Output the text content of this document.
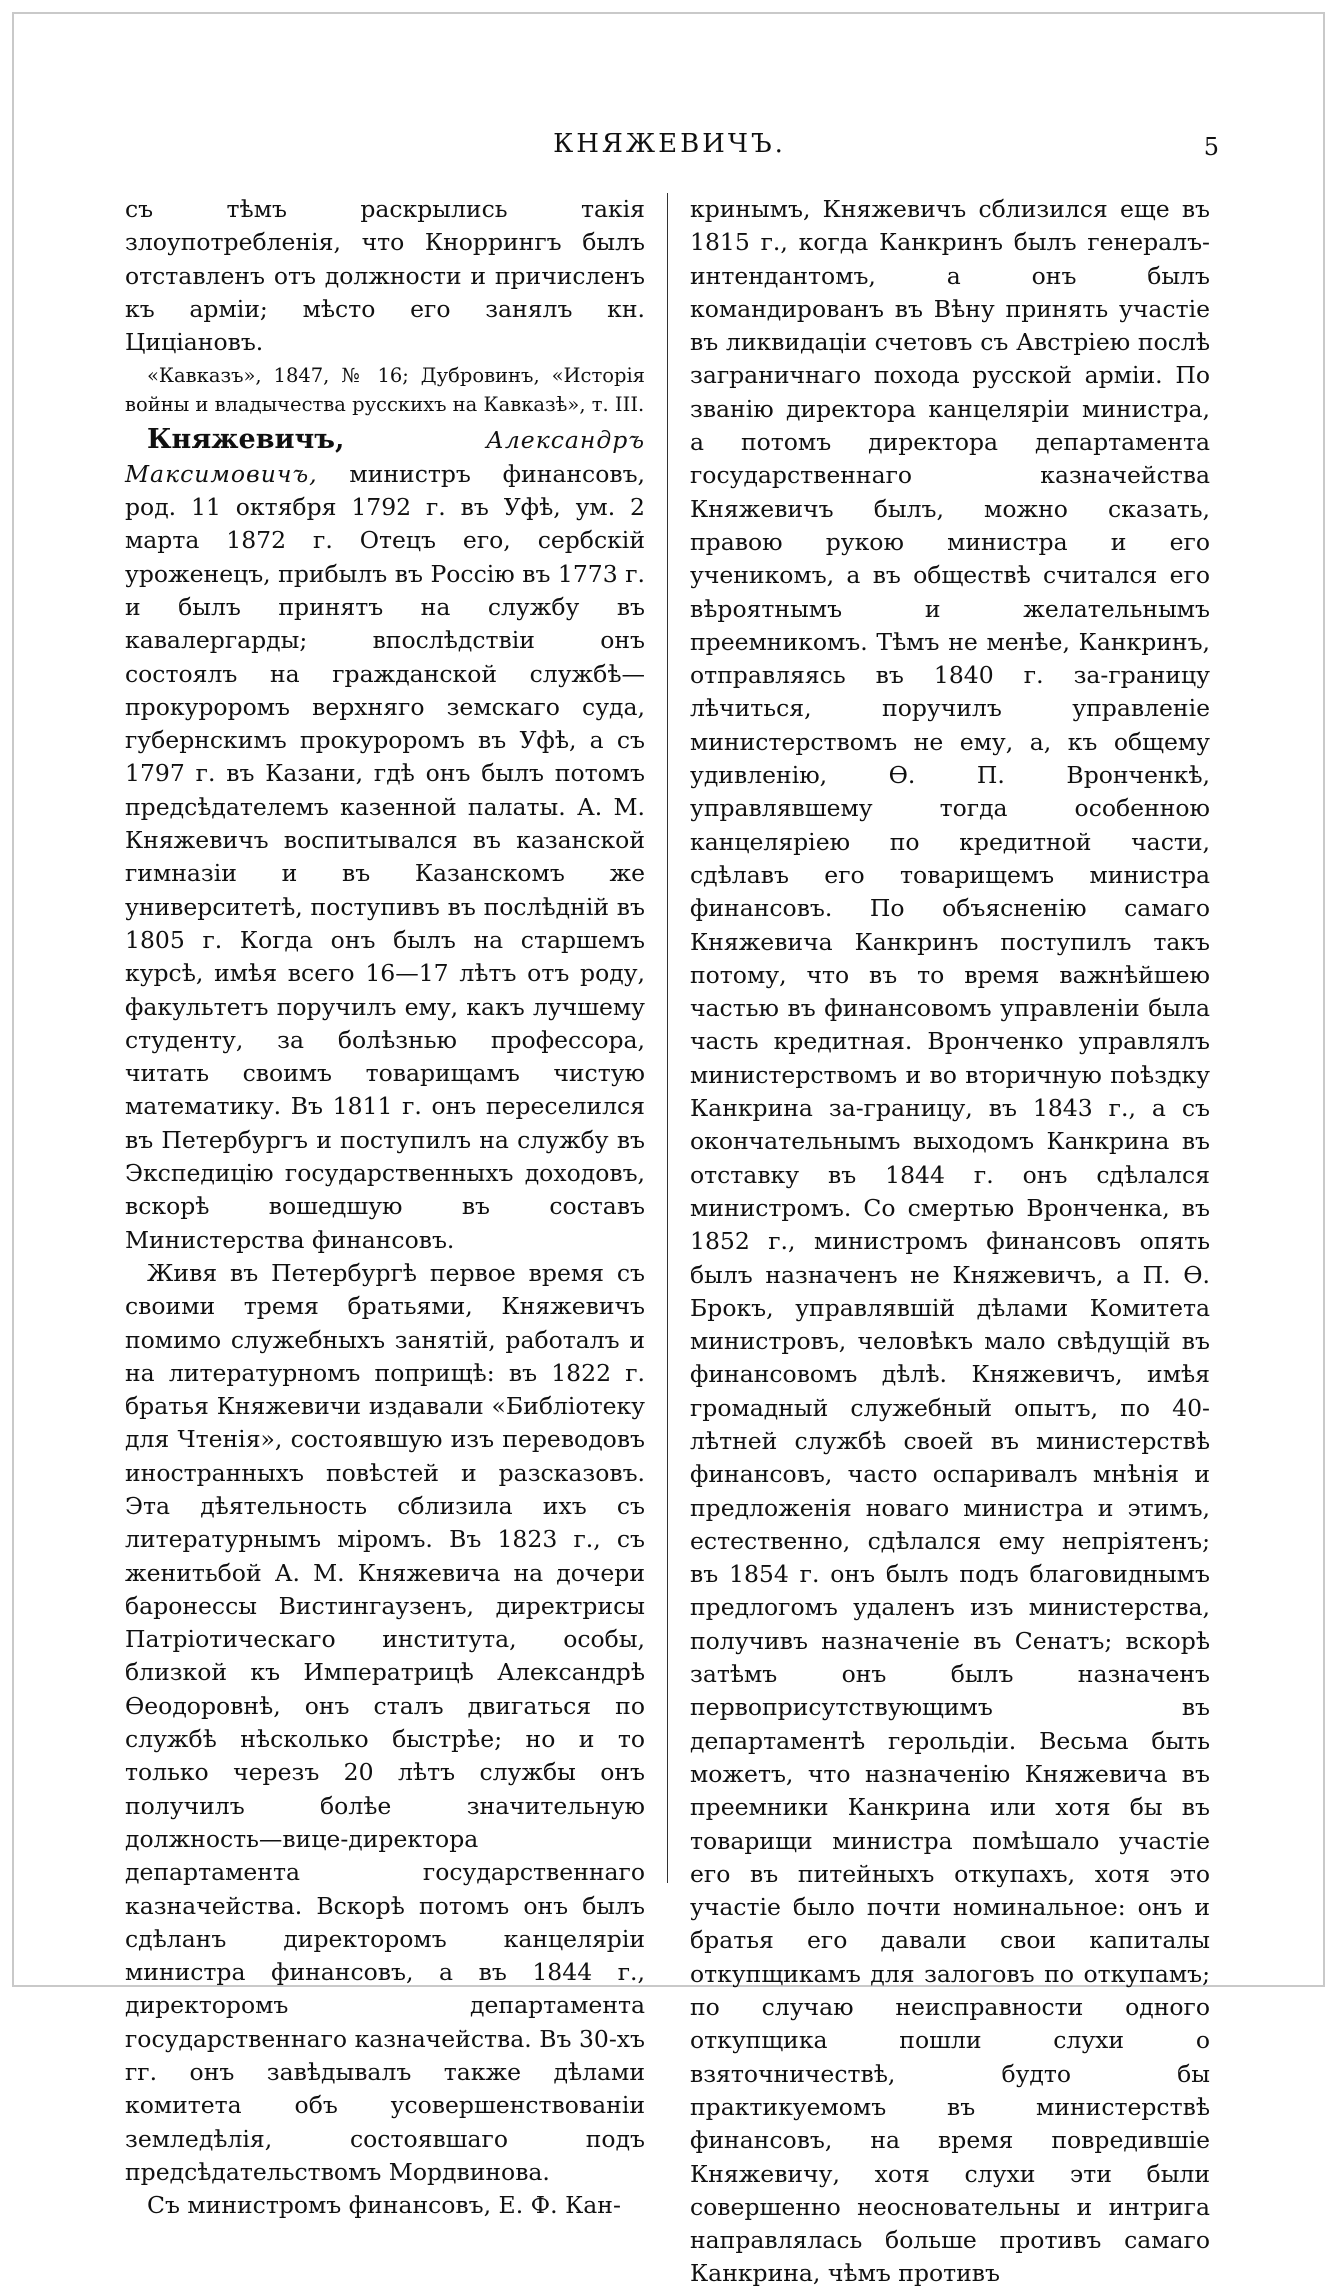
КНЯЖЕВИЧЪ.	5

съ тѣмъ раскрылись такія злоупотребленія, что Кноррингъ былъ отставленъ отъ должности и причисленъ къ арміи; мѣсто его занялъ кн. Циціановъ.

«Кавказъ», 1847, № 16; Дубровинъ, «Исторія войны и владычества русскихъ на Кавказѣ», т. III.

Княжевичъ,	Александръ Максимовичъ, министръ финансовъ, род. 11 октября 1792 г. въ Уфѣ, ум. 2 марта 1872 г. Отецъ его, сербскій уроженецъ, прибылъ въ Россію въ 1773 г. и былъ принятъ на службу въ кавалергарды; впослѣдствіи онъ состоялъ на гражданской службѣ—прокуроромъ верхняго земскаго суда, губернскимъ прокуроромъ въ Уфѣ, а съ 1797 г. въ Казани, гдѣ онъ былъ потомъ предсѣдателемъ казенной палаты. А. М. Княжевичъ воспитывался въ казанской гимназіи и въ Казанскомъ же университетѣ, поступивъ въ послѣдній въ 1805 г. Когда онъ былъ на старшемъ курсѣ, имѣя всего 16—17 лѣтъ отъ роду, факультетъ поручилъ ему, какъ лучшему студенту, за болѣзнью профессора, читать своимъ товарищамъ чистую математику. Въ 1811 г. онъ переселился въ Петербургъ и поступилъ на службу въ Экспедицію государственныхъ доходовъ, вскорѣ вошедшую въ составъ Министерства финансовъ.

Живя въ Петербургѣ первое время съ своими тремя братьями, Княжевичъ помимо служебныхъ занятій, работалъ и на литературномъ поприщѣ: въ 1822 г. братья Княжевичи издавали «Библіотеку для Чтенія», состоявшую изъ переводовъ иностранныхъ повѣстей и разсказовъ. Эта дѣятельность сблизила ихъ съ литературнымъ міромъ. Въ 1823 г., съ женитьбой А. М. Княжевича на дочери баронессы Вистингаузенъ, директрисы Патріотическаго института, особы, близкой къ Императрицѣ Александрѣ Ѳеодоровнѣ, онъ сталъ двигаться по службѣ нѣсколько быстрѣе; но и то только черезъ 20 лѣтъ службы онъ получилъ болѣе значительную должность—вице-директора департамента государственнаго казначейства. Вскорѣ потомъ онъ былъ сдѣланъ директоромъ канцеляріи министра финансовъ, а въ 1844 г., директоромъ департамента государственнаго казначейства. Въ 30-хъ гг. онъ завѣдывалъ также дѣлами комитета объ усовершенствованіи земледѣлія, состоявшаго подъ предсѣдательствомъ Мордвинова.

Съ министромъ финансовъ, Е. Ф. Кан-

кринымъ, Княжевичъ сблизился еще въ 1815 г., когда Канкринъ былъ генералъ-интендантомъ, а онъ былъ командированъ въ Вѣну принять участіе въ ликвидаціи счетовъ съ Австріею послѣ заграничнаго похода русской арміи. По званію директора канцеляріи министра, а потомъ директора департамента государственнаго казначейства Княжевичъ былъ, можно сказать, правою рукою министра и его ученикомъ, а въ обществѣ считался его вѣроятнымъ и желательнымъ преемникомъ. Тѣмъ не менѣе, Канкринъ, отправляясь въ 1840 г. за-границу лѣчиться, поручилъ управленіе министерствомъ не ему, а, къ общему удивленію, Ѳ. П. Вронченкѣ, управлявшему тогда особенною канцеляріею по кредитной части, сдѣлавъ его товарищемъ министра финансовъ. По объясненію самаго Княжевича Канкринъ поступилъ такъ потому, что въ то время важнѣйшею частью въ финансовомъ управленіи была часть кредитная. Вронченко управлялъ министерствомъ и во вторичную поѣздку Канкрина за-границу, въ 1843 г., а съ окончательнымъ выходомъ Канкрина въ отставку въ 1844 г. онъ сдѣлался министромъ. Со смертью Вронченка, въ 1852 г., министромъ финансовъ опять былъ назначенъ не Княжевичъ, а П. Ѳ. Брокъ, управлявшій дѣлами Комитета министровъ, человѣкъ мало свѣдущій въ финансовомъ дѣлѣ. Княжевичъ, имѣя громадный служебный опытъ, по 40-лѣтней службѣ своей въ министерствѣ финансовъ, часто оспаривалъ мнѣнія и предложенія новаго министра и этимъ, естественно, сдѣлался ему непріятенъ; въ 1854 г. онъ былъ подъ благовиднымъ предлогомъ удаленъ изъ министерства, получивъ назначеніе въ Сенатъ; вскорѣ затѣмъ онъ былъ назначенъ первоприсутствующимъ въ департаментѣ герольдіи. Весьма быть можетъ, что назначенію Княжевича въ преемники Канкрина или хотя бы въ товарищи министра помѣшало участіе его въ питейныхъ откупахъ, хотя это участіе было почти номинальное: онъ и братья его давали свои капиталы откупщикамъ для залоговъ по откупамъ; по случаю неисправности одного откупщика пошли слухи о взяточничествѣ, будто бы практикуемомъ въ министерствѣ финансовъ, на время повредившіе Княжевичу, хотя слухи эти были совершенно неосновательны и интрига направлялась больше противъ самаго Канкрина, чѣмъ противъ
